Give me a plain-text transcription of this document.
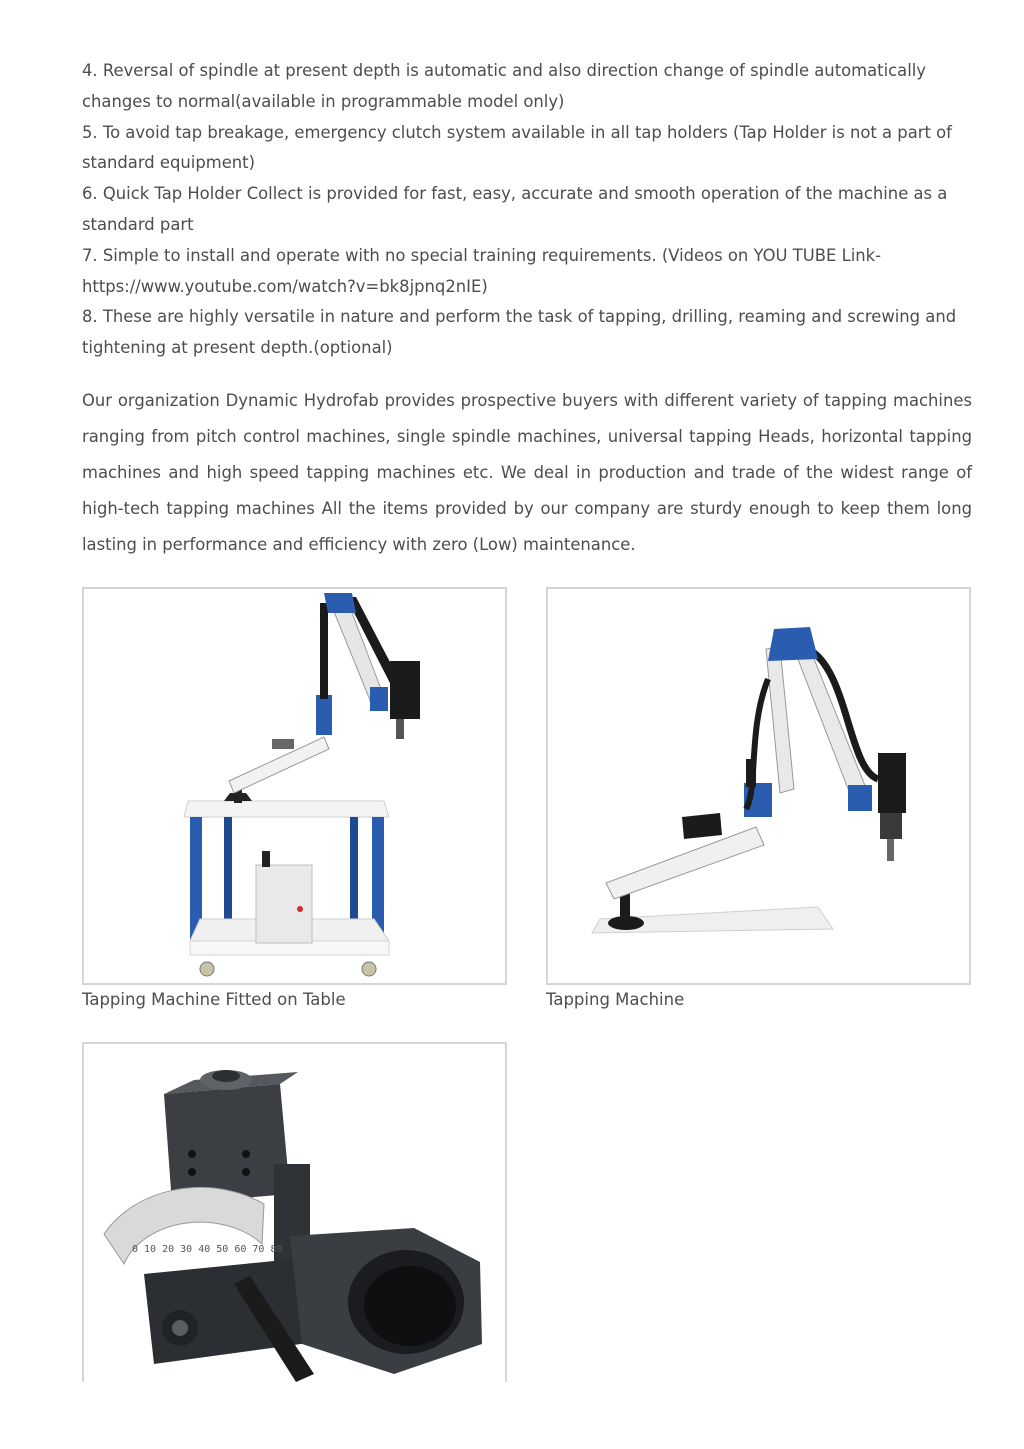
4. Reversal of spindle at present depth is automatic and also direction change of spindle automatically changes to normal(available in programmable model only)

5. To avoid tap breakage, emergency clutch system available in all tap holders (Tap Holder is not a part of standard equipment)

6. Quick Tap Holder Collect is provided for fast, easy, accurate and smooth operation of the machine as a standard part

7. Simple to install and operate with no special training requirements. (Videos on YOU TUBE Link- https://www.youtube.com/watch?v=bk8jpnq2nIE)

8. These are highly versatile in nature and perform the task of tapping, drilling, reaming and screwing and tightening at present depth.(optional)

Our organization Dynamic Hydrofab provides prospective buyers with different variety of tapping machines ranging from pitch control machines, single spindle machines, universal tapping Heads, horizontal tapping machines and high speed tapping machines etc. We deal in production and trade of the widest range of high-tech tapping machines All the items provided by our company are sturdy enough to keep them long lasting in performance and efficiency with zero (Low) maintenance.

Tapping Machine Fitted on Table	Tapping Machine
0 10 20 30 40 50 60 70 80
